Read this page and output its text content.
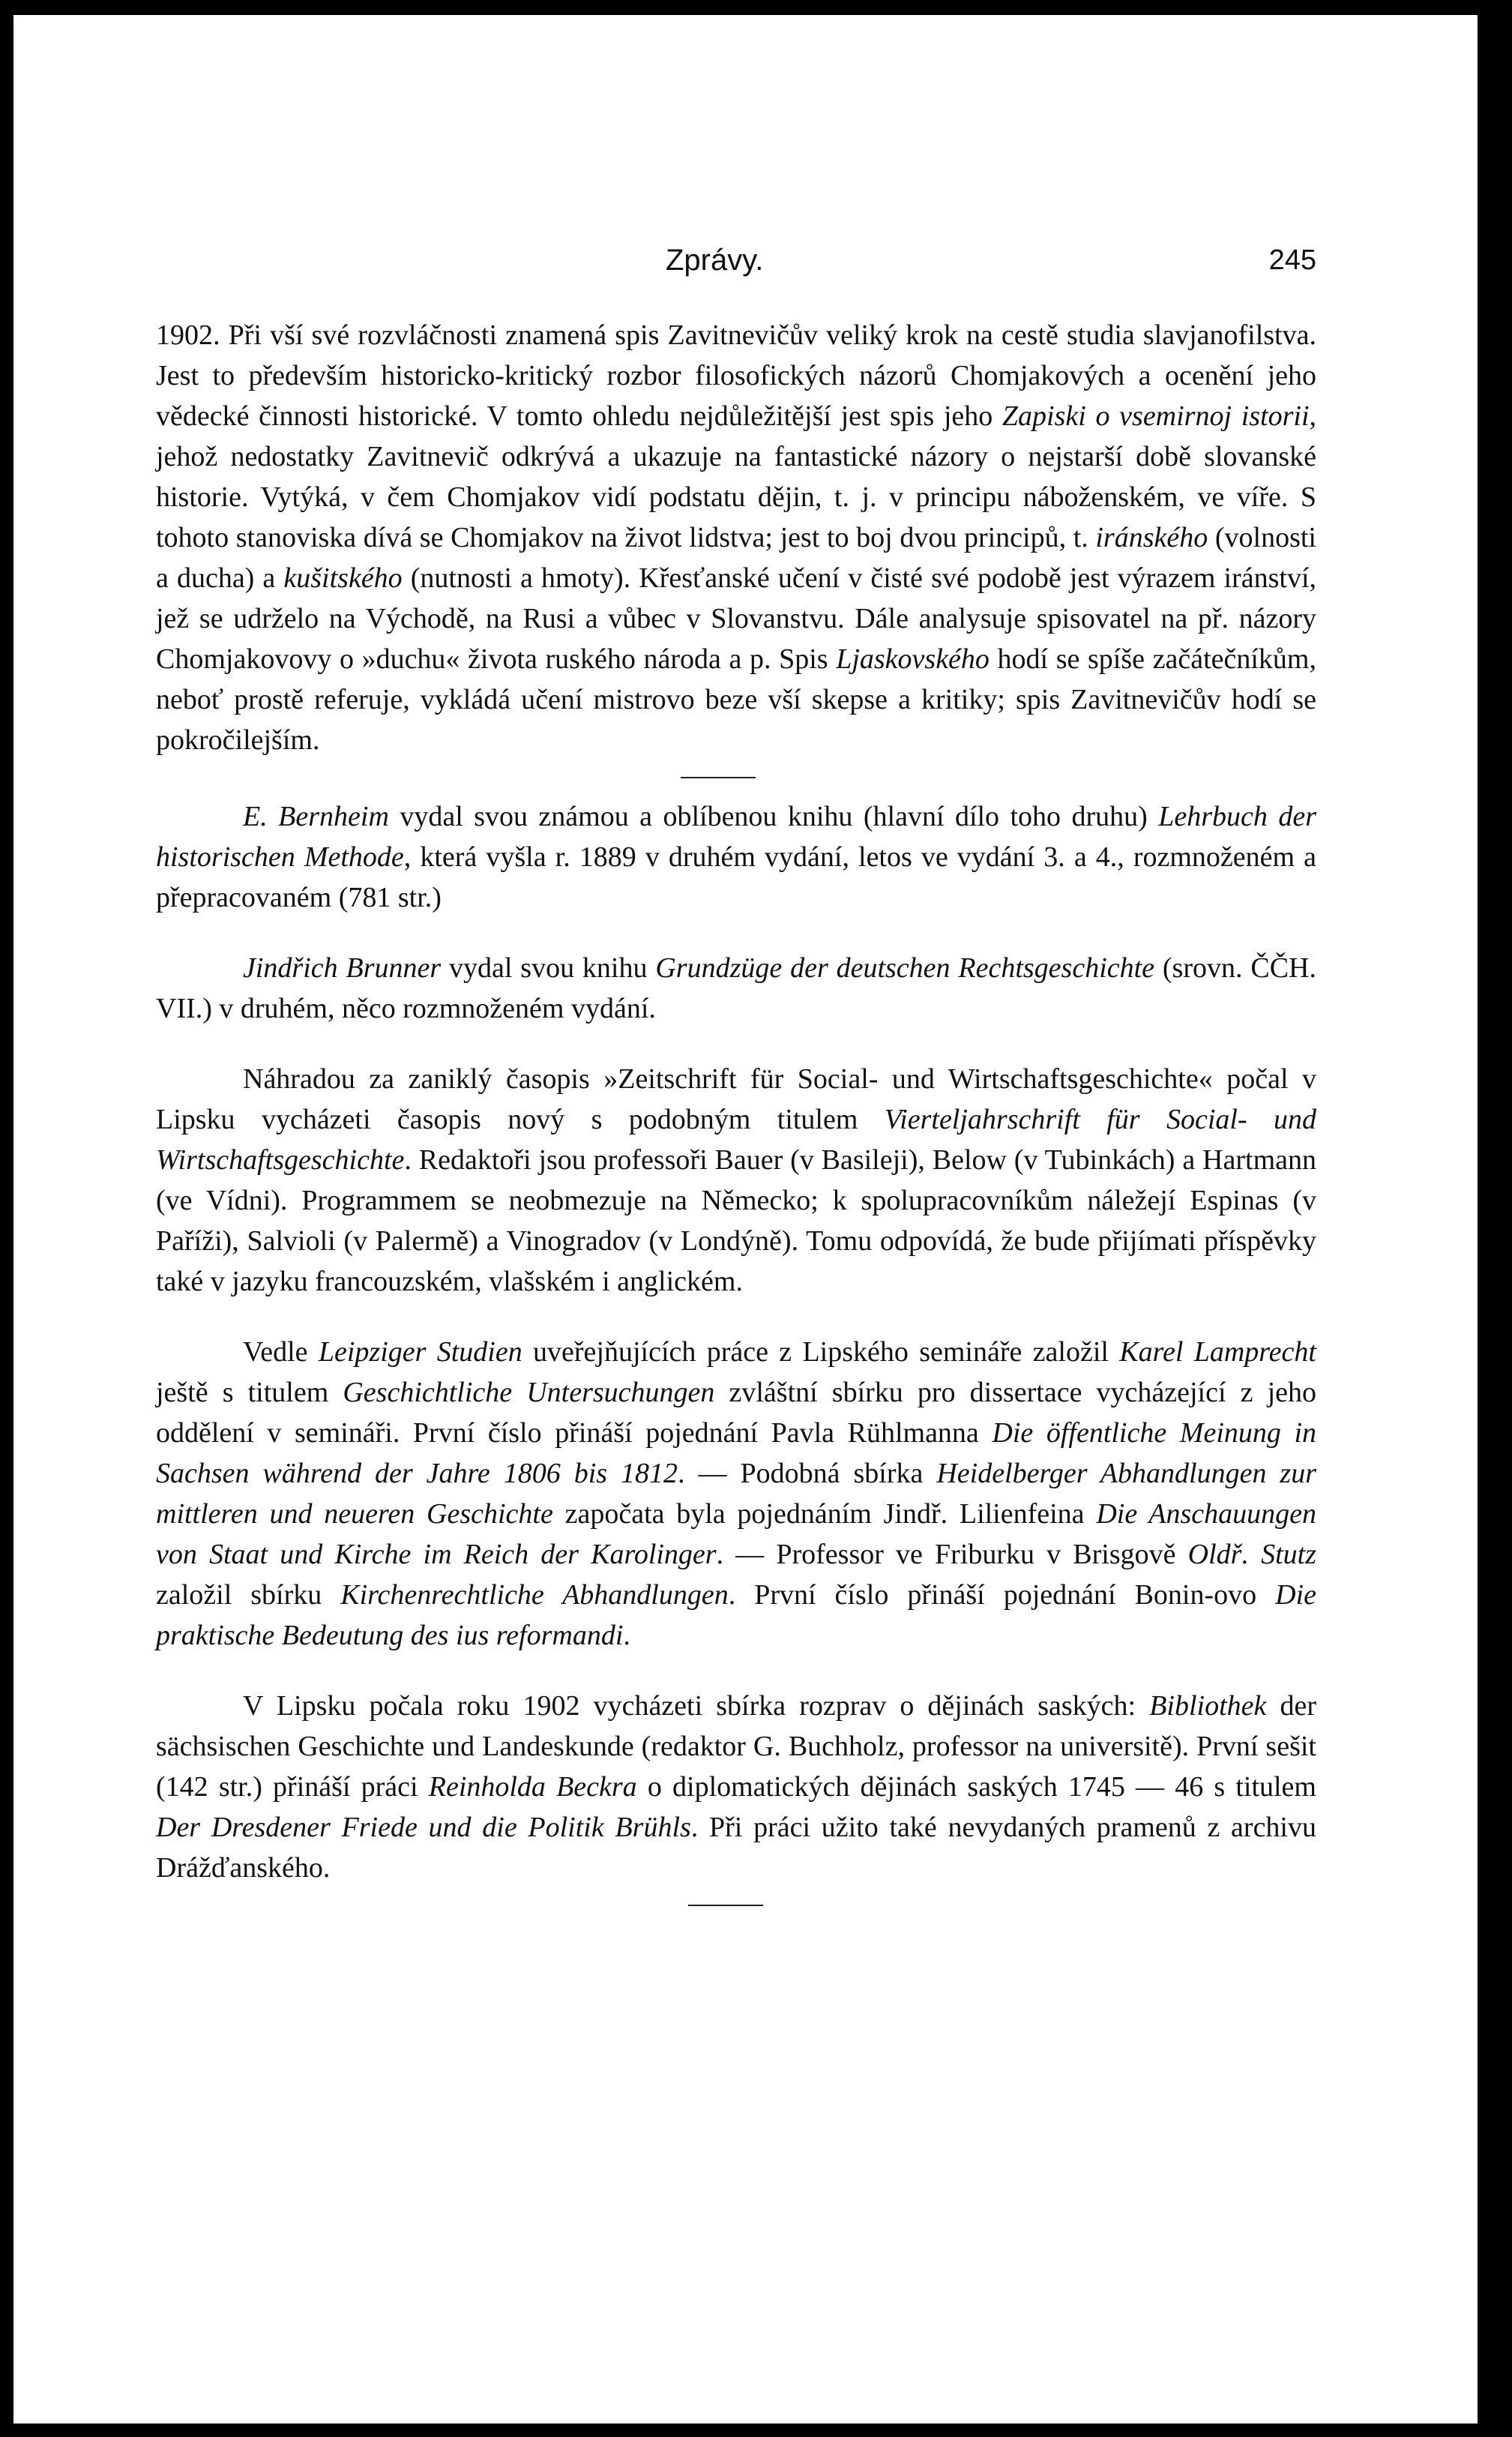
Zprávy.	245

1902. Při vší své rozvláčnosti znamená spis Zavitnevičův veliký krok na cestě studia slavjanofilstva. Jest to především historicko-kritický rozbor filosofických názorů Chomjakových a ocenění jeho vědecké činnosti historické. V tomto ohledu nejdůležitější jest spis jeho Zapiski o vsemirnoj istorii, jehož nedostatky Zavitnevič odkrývá a ukazuje na fantastické názory o nejstarší době slovanské historie. Vytýká, v čem Chomjakov vidí podstatu dějin, t. j. v principu náboženském, ve víře. S tohoto stanoviska dívá se Chomjakov na život lidstva; jest to boj dvou principů, t. iránského (volnosti a ducha) a kušitského (nutnosti a hmoty). Křesťanské učení v čisté své podobě jest výrazem iránství, jež se udrželo na Východě, na Rusi a vůbec v Slovanstvu. Dále analysuje spisovatel na př. názory Chomjakovovy o »duchu« života ruského národa a p. Spis Ljaskovského hodí se spíše začátečníkům, neboť prostě referuje, vykládá učení mistrovo beze vší skepse a kritiky; spis Zavitnevičův hodí se pokročilejším.

E. Bernheim vydal svou známou a oblíbenou knihu (hlavní dílo toho druhu) Lehrbuch der historischen Methode, která vyšla r. 1889 v druhém vydání, letos ve vydání 3. a 4., rozmnoženém a přepracovaném (781 str.)

Jindřich Brunner vydal svou knihu Grundzüge der deutschen Rechtsgeschichte (srovn. ČČH. VII.) v druhém, něco rozmnoženém vydání.

Náhradou za zaniklý časopis »Zeitschrift für Social- und Wirtschaftsgeschichte« počal v Lipsku vycházeti časopis nový s podobným titulem Vierteljahrschrift für Social- und Wirtschaftsgeschichte. Redaktoři jsou professoři Bauer (v Basileji), Below (v Tubinkách) a Hartmann (ve Vídni). Programmem se neobmezuje na Německo; k spolupracovníkům náležejí Espinas (v Paříži), Salvioli (v Palermě) a Vinogradov (v Londýně). Tomu odpovídá, že bude přijímati příspěvky také v jazyku francouzském, vlašském i anglickém.

Vedle Leipziger Studien uveřejňujících práce z Lipského semináře založil Karel Lamprecht ještě s titulem Geschichtliche Untersuchungen zvláštní sbírku pro dissertace vycházející z jeho oddělení v semináři. První číslo přináší pojednání Pavla Rühlmanna Die öffentliche Meinung in Sachsen während der Jahre 1806 bis 1812. — Podobná sbírka Heidelberger Abhandlungen zur mittleren und neueren Geschichte započata byla pojednáním Jindř. Lilienfeina Die Anschauungen von Staat und Kirche im Reich der Karolinger. — Professor ve Friburku v Brisgově Oldř. Stutz založil sbírku Kirchenrechtliche Abhandlungen. První číslo přináší pojednání Bonin-ovo Die praktische Bedeutung des ius reformandi.

V Lipsku počala roku 1902 vycházeti sbírka rozprav o dějinách saských: Bibliothek der sächsischen Geschichte und Landeskunde (redaktor G. Buchholz, professor na universitě). První sešit (142 str.) přináší práci Reinholda Beckra o diplomatických dějinách saských 1745 — 46 s titulem Der Dresdener Friede und die Politik Brühls. Při práci užito také nevydaných pramenů z archivu Drážďanského.
